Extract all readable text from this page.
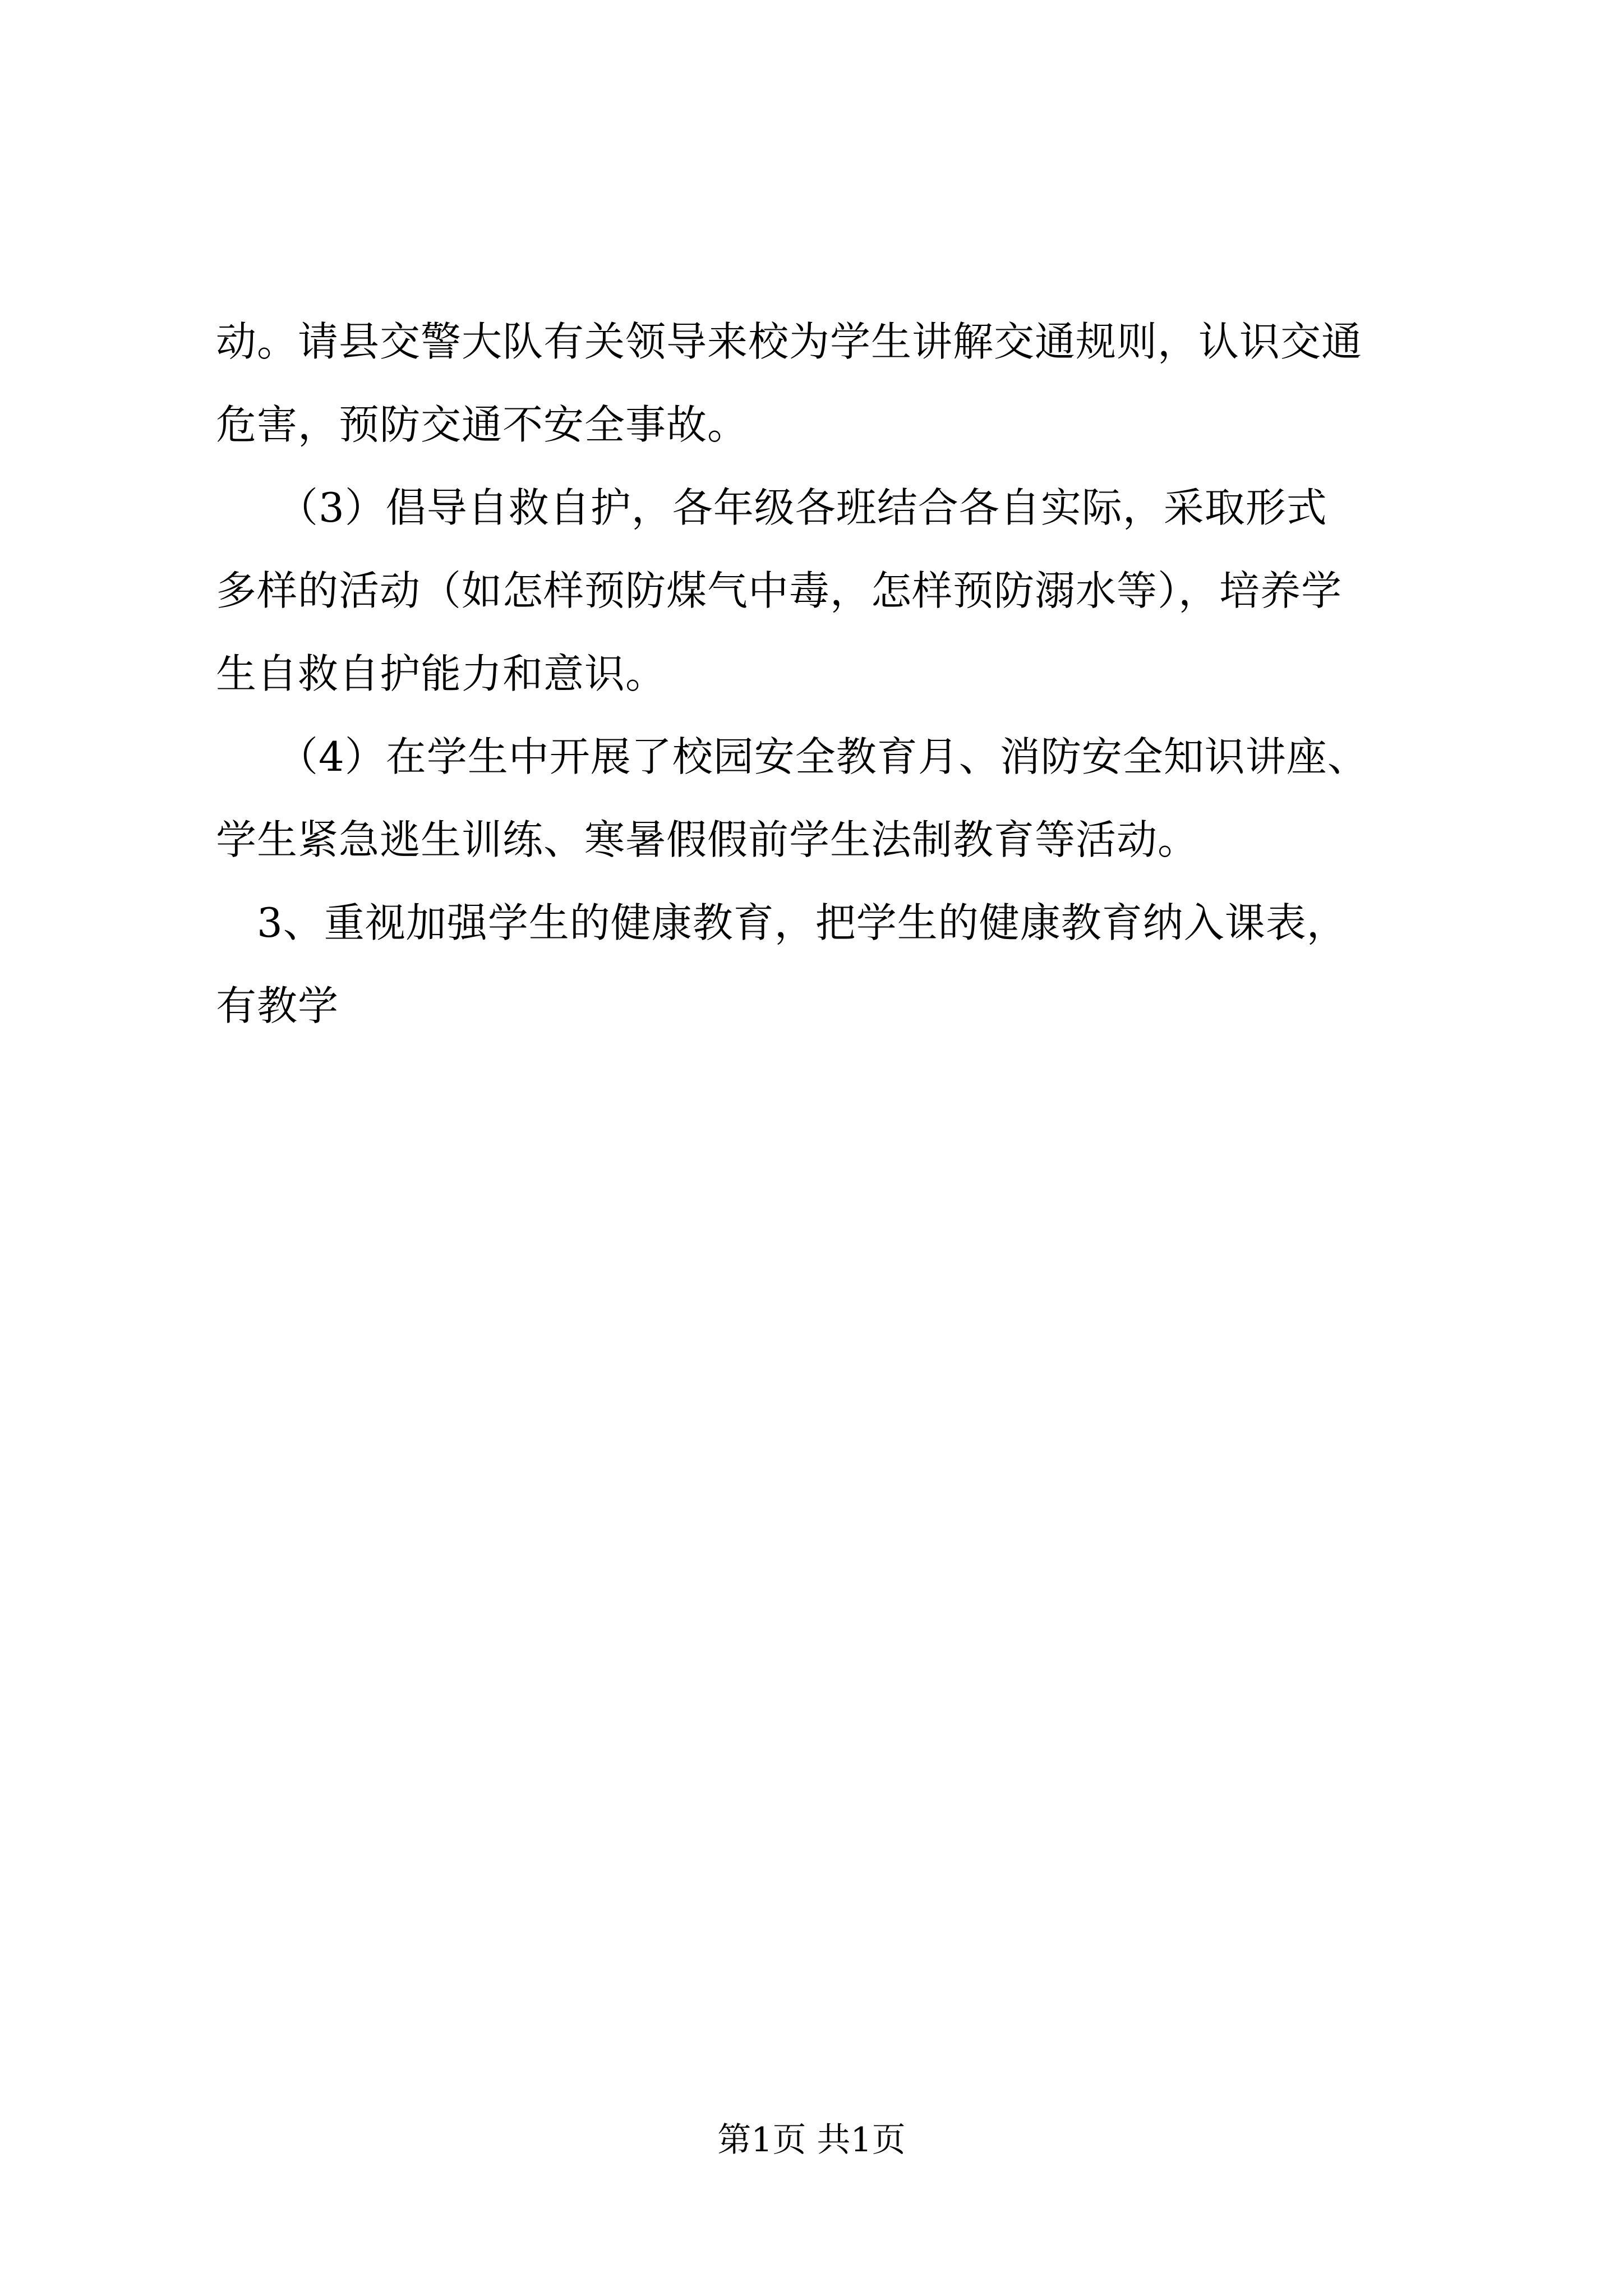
动。请县交警大队有关领导来校为学生讲解交通规则，认识交通
危害，预防交通不安全事故。
　　（3）倡导自救自护，各年级各班结合各自实际，采取形式
多样的活动（如怎样预防煤气中毒，怎样预防溺水等），培养学
生自救自护能力和意识。
　　（4）在学生中开展了校园安全教育月、消防安全知识讲座、
学生紧急逃生训练、寒暑假假前学生法制教育等活动。
　3、重视加强学生的健康教育，把学生的健康教育纳入课表，
有教学
第1页 共1页
